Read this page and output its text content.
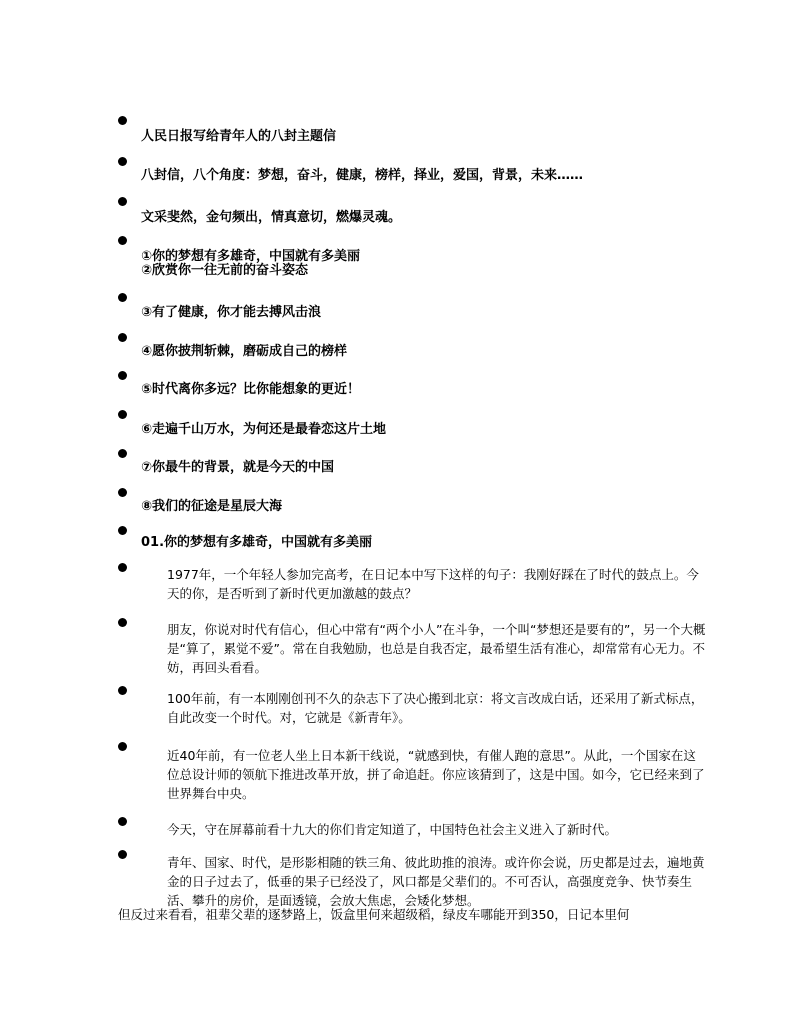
人民日报写给青年人的八封主题信
八封信，八个角度：梦想，奋斗，健康，榜样，择业，爱国，背景，未来……
文采斐然，金句频出，情真意切，燃爆灵魂。
①你的梦想有多雄奇，中国就有多美丽
②欣赏你一往无前的奋斗姿态
③有了健康，你才能去搏风击浪
④愿你披荆斩棘，磨砺成自己的榜样
⑤时代离你多远？比你能想象的更近！
⑥走遍千山万水，为何还是最眷恋这片土地
⑦你最牛的背景，就是今天的中国
⑧我们的征途是星辰大海
01.你的梦想有多雄奇，中国就有多美丽
1977年，一个年轻人参加完高考，在日记本中写下这样的句子：我刚好踩在了时代的鼓点上。今天的你，是否听到了新时代更加激越的鼓点？
朋友，你说对时代有信心，但心中常有“两个小人”在斗争，一个叫“梦想还是要有的”，另一个大概是“算了，累觉不爱”。常在自我勉励，也总是自我否定，最希望生活有准心，却常常有心无力。不妨，再回头看看。
100年前，有一本刚刚创刊不久的杂志下了决心搬到北京：将文言改成白话，还采用了新式标点，自此改变一个时代。对，它就是《新青年》。
近40年前，有一位老人坐上日本新干线说，“就感到快，有催人跑的意思”。从此，一个国家在这位总设计师的领航下推进改革开放，拼了命追赶。你应该猜到了，这是中国。如今，它已经来到了世界舞台中央。
今天，守在屏幕前看十九大的你们肯定知道了，中国特色社会主义进入了新时代。
青年、国家、时代，是形影相随的铁三角、彼此助推的浪涛。或许你会说，历史都是过去，遍地黄金的日子过去了，低垂的果子已经没了，风口都是父辈们的。不可否认，高强度竞争、快节奏生活、攀升的房价，是面透镜，会放大焦虑，会矮化梦想。
但反过来看看，祖辈父辈的逐梦路上，饭盒里何来超级稻，绿皮车哪能开到350，日记本里何
